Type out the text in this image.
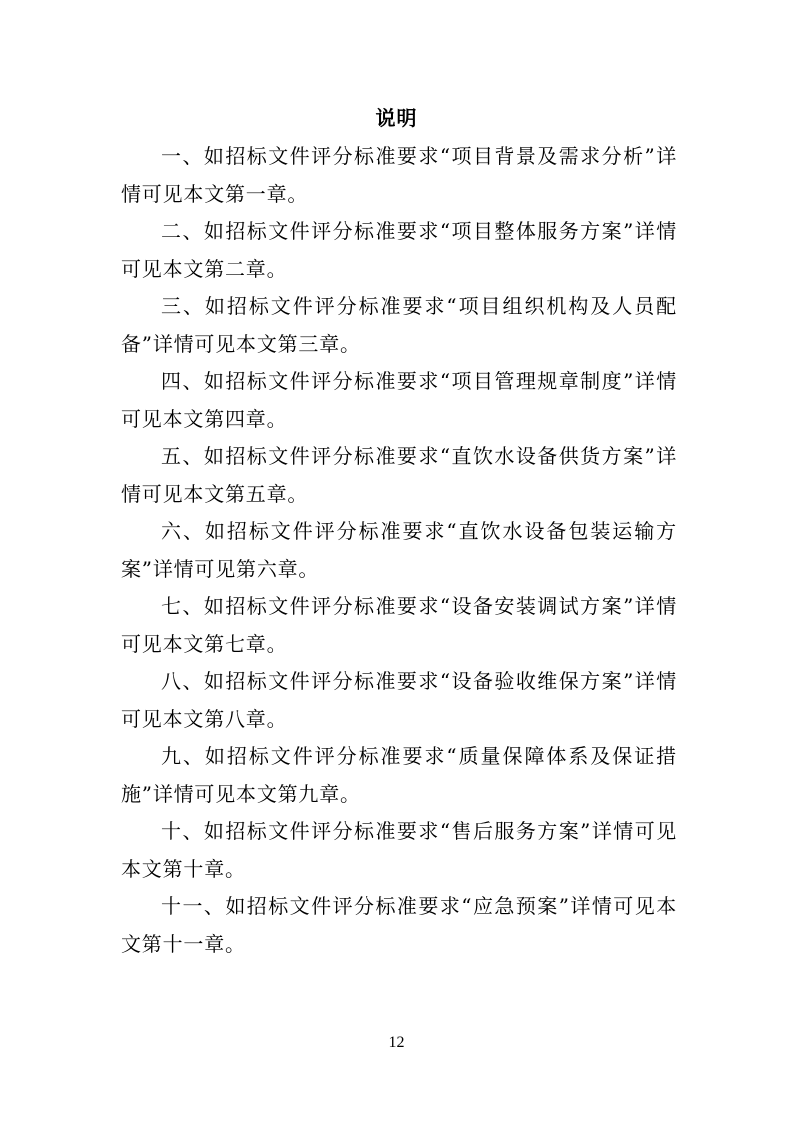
说明

一、如招标文件评分标准要求“项目背景及需求分析”详情可见本文第一章。

二、如招标文件评分标准要求“项目整体服务方案”详情可见本文第二章。

三、如招标文件评分标准要求“项目组织机构及人员配备”详情可见本文第三章。

四、如招标文件评分标准要求“项目管理规章制度”详情可见本文第四章。

五、如招标文件评分标准要求“直饮水设备供货方案”详情可见本文第五章。

六、如招标文件评分标准要求“直饮水设备包装运输方案”详情可见第六章。

七、如招标文件评分标准要求“设备安装调试方案”详情可见本文第七章。

八、如招标文件评分标准要求“设备验收维保方案”详情可见本文第八章。

九、如招标文件评分标准要求“质量保障体系及保证措施”详情可见本文第九章。

十、如招标文件评分标准要求“售后服务方案”详情可见本文第十章。

十一、如招标文件评分标准要求“应急预案”详情可见本文第十一章。

12
